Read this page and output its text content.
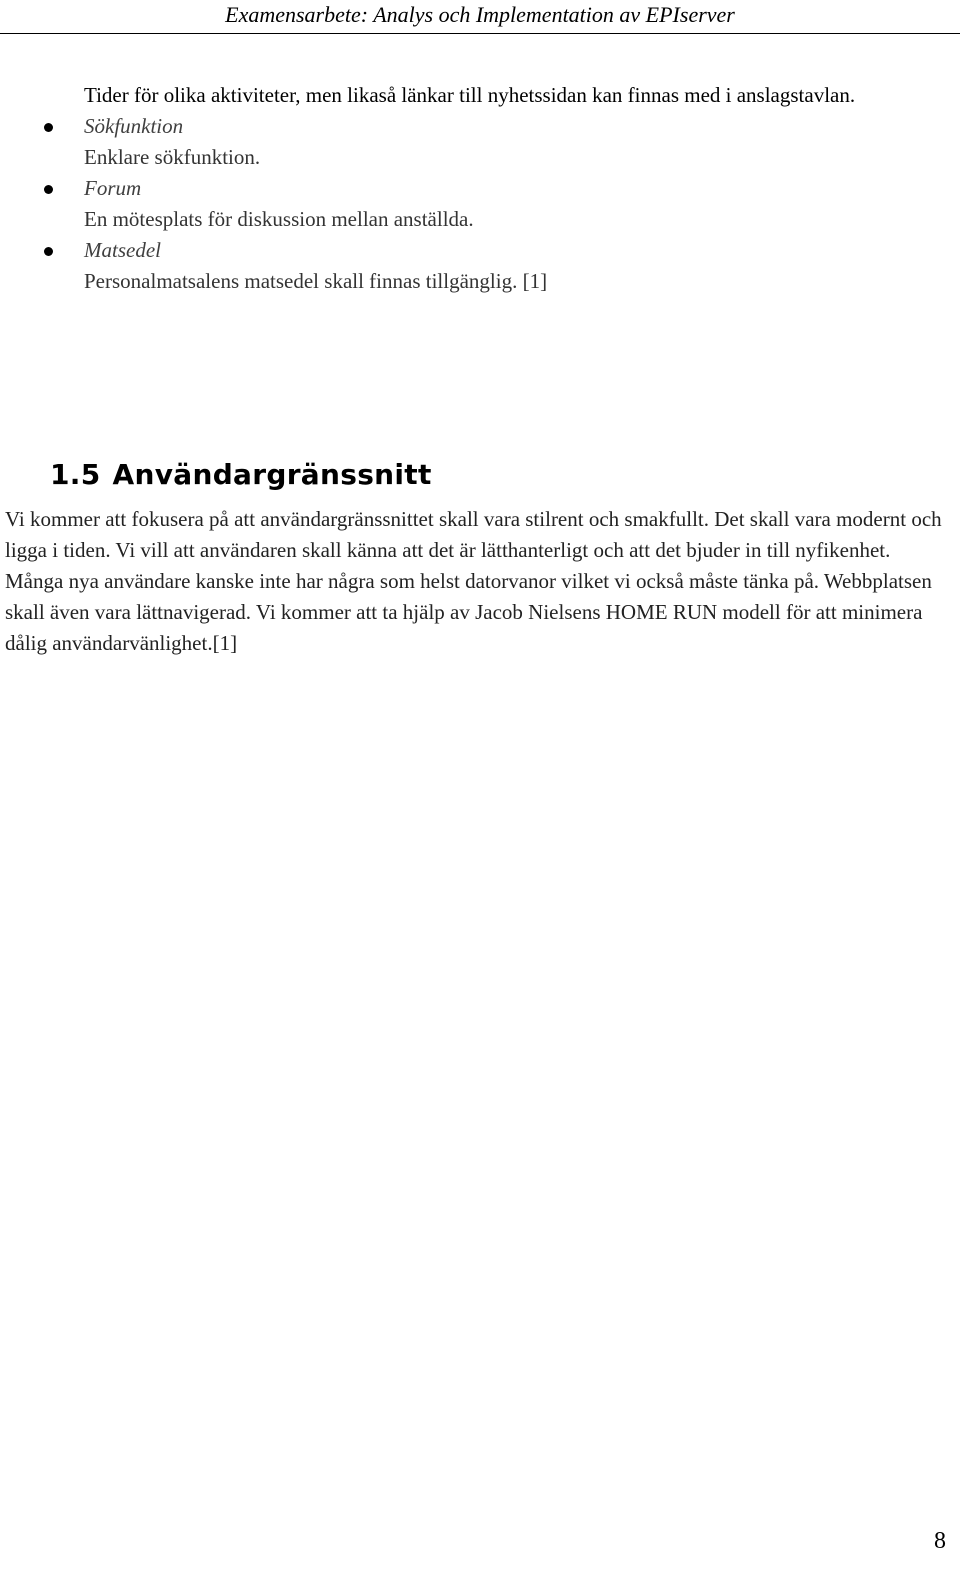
Examensarbete: Analys och Implementation av EPIserver

Tider för olika aktiviteter, men likaså länkar till nyhetssidan kan finnas med i anslagstavlan.

Sökfunktion
Enklare sökfunktion.
Forum
En mötesplats för diskussion mellan anställda.
Matsedel
Personalmatsalens matsedel skall finnas tillgänglig. [1]
1.5 Användargränssnitt

Vi kommer att fokusera på att användargränssnittet skall vara stilrent och smakfullt. Det skall vara modernt och ligga i tiden. Vi vill att användaren skall känna att det är lätthanterligt och att det bjuder in till nyfikenhet. Många nya användare kanske inte har några som helst datorvanor vilket vi också måste tänka på. Webbplatsen skall även vara lättnavigerad. Vi kommer att ta hjälp av Jacob Nielsens HOME RUN modell för att minimera dålig användarvänlighet.[1]

8
